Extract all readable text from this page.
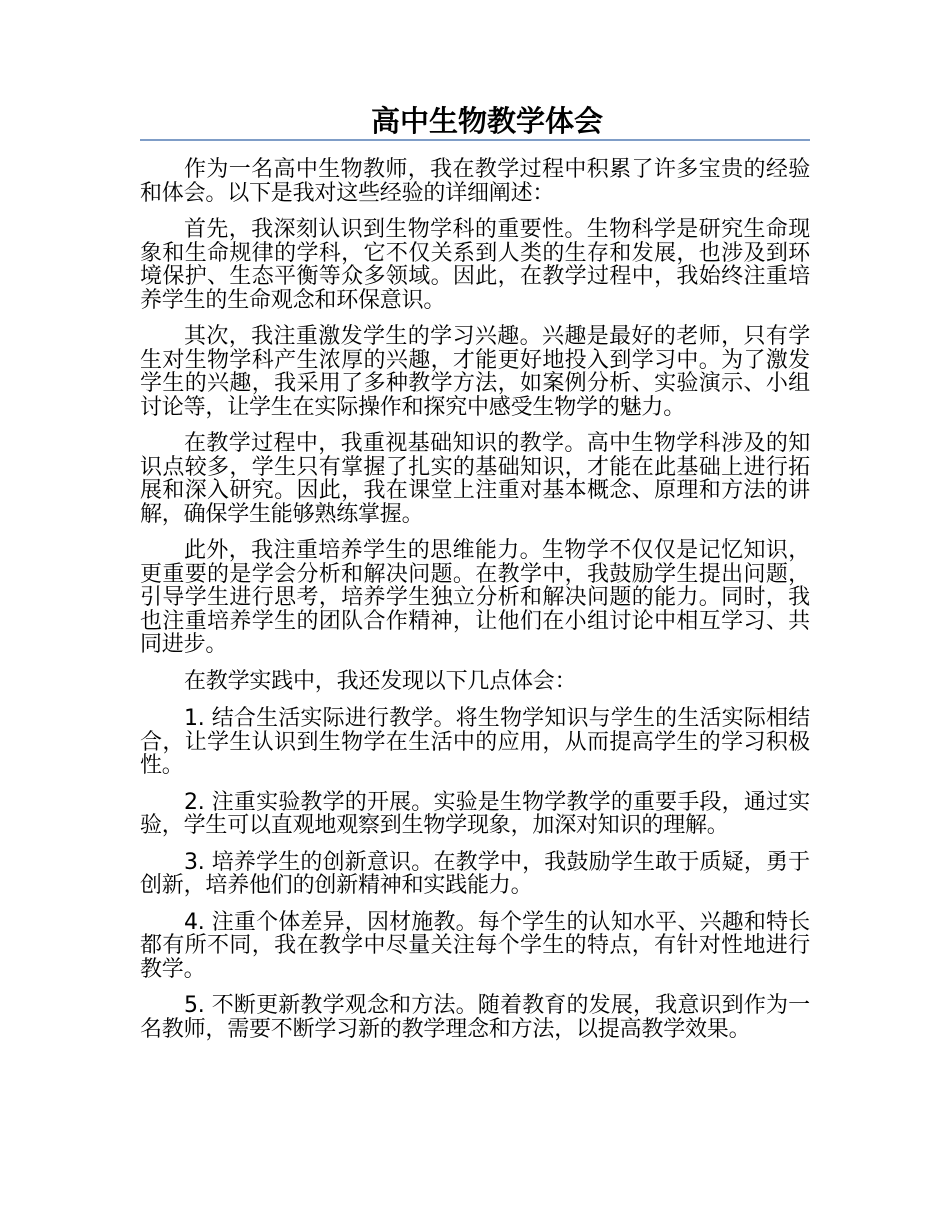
高中生物教学体会

作为一名高中生物教师，我在教学过程中积累了许多宝贵的经验和体会。以下是我对这些经验的详细阐述：

首先，我深刻认识到生物学科的重要性。生物科学是研究生命现象和生命规律的学科，它不仅关系到人类的生存和发展，也涉及到环境保护、生态平衡等众多领域。因此，在教学过程中，我始终注重培养学生的生命观念和环保意识。

其次，我注重激发学生的学习兴趣。兴趣是最好的老师，只有学生对生物学科产生浓厚的兴趣，才能更好地投入到学习中。为了激发学生的兴趣，我采用了多种教学方法，如案例分析、实验演示、小组讨论等，让学生在实际操作和探究中感受生物学的魅力。

在教学过程中，我重视基础知识的教学。高中生物学科涉及的知识点较多，学生只有掌握了扎实的基础知识，才能在此基础上进行拓展和深入研究。因此，我在课堂上注重对基本概念、原理和方法的讲解，确保学生能够熟练掌握。

此外，我注重培养学生的思维能力。生物学不仅仅是记忆知识，更重要的是学会分析和解决问题。在教学中，我鼓励学生提出问题，引导学生进行思考，培养学生独立分析和解决问题的能力。同时，我也注重培养学生的团队合作精神，让他们在小组讨论中相互学习、共同进步。

在教学实践中，我还发现以下几点体会：

1. 结合生活实际进行教学。将生物学知识与学生的生活实际相结合，让学生认识到生物学在生活中的应用，从而提高学生的学习积极性。

2. 注重实验教学的开展。实验是生物学教学的重要手段，通过实验，学生可以直观地观察到生物学现象，加深对知识的理解。

3. 培养学生的创新意识。在教学中，我鼓励学生敢于质疑，勇于创新，培养他们的创新精神和实践能力。

4. 注重个体差异，因材施教。每个学生的认知水平、兴趣和特长都有所不同，我在教学中尽量关注每个学生的特点，有针对性地进行教学。

5. 不断更新教学观念和方法。随着教育的发展，我意识到作为一名教师，需要不断学习新的教学理念和方法，以提高教学效果。
